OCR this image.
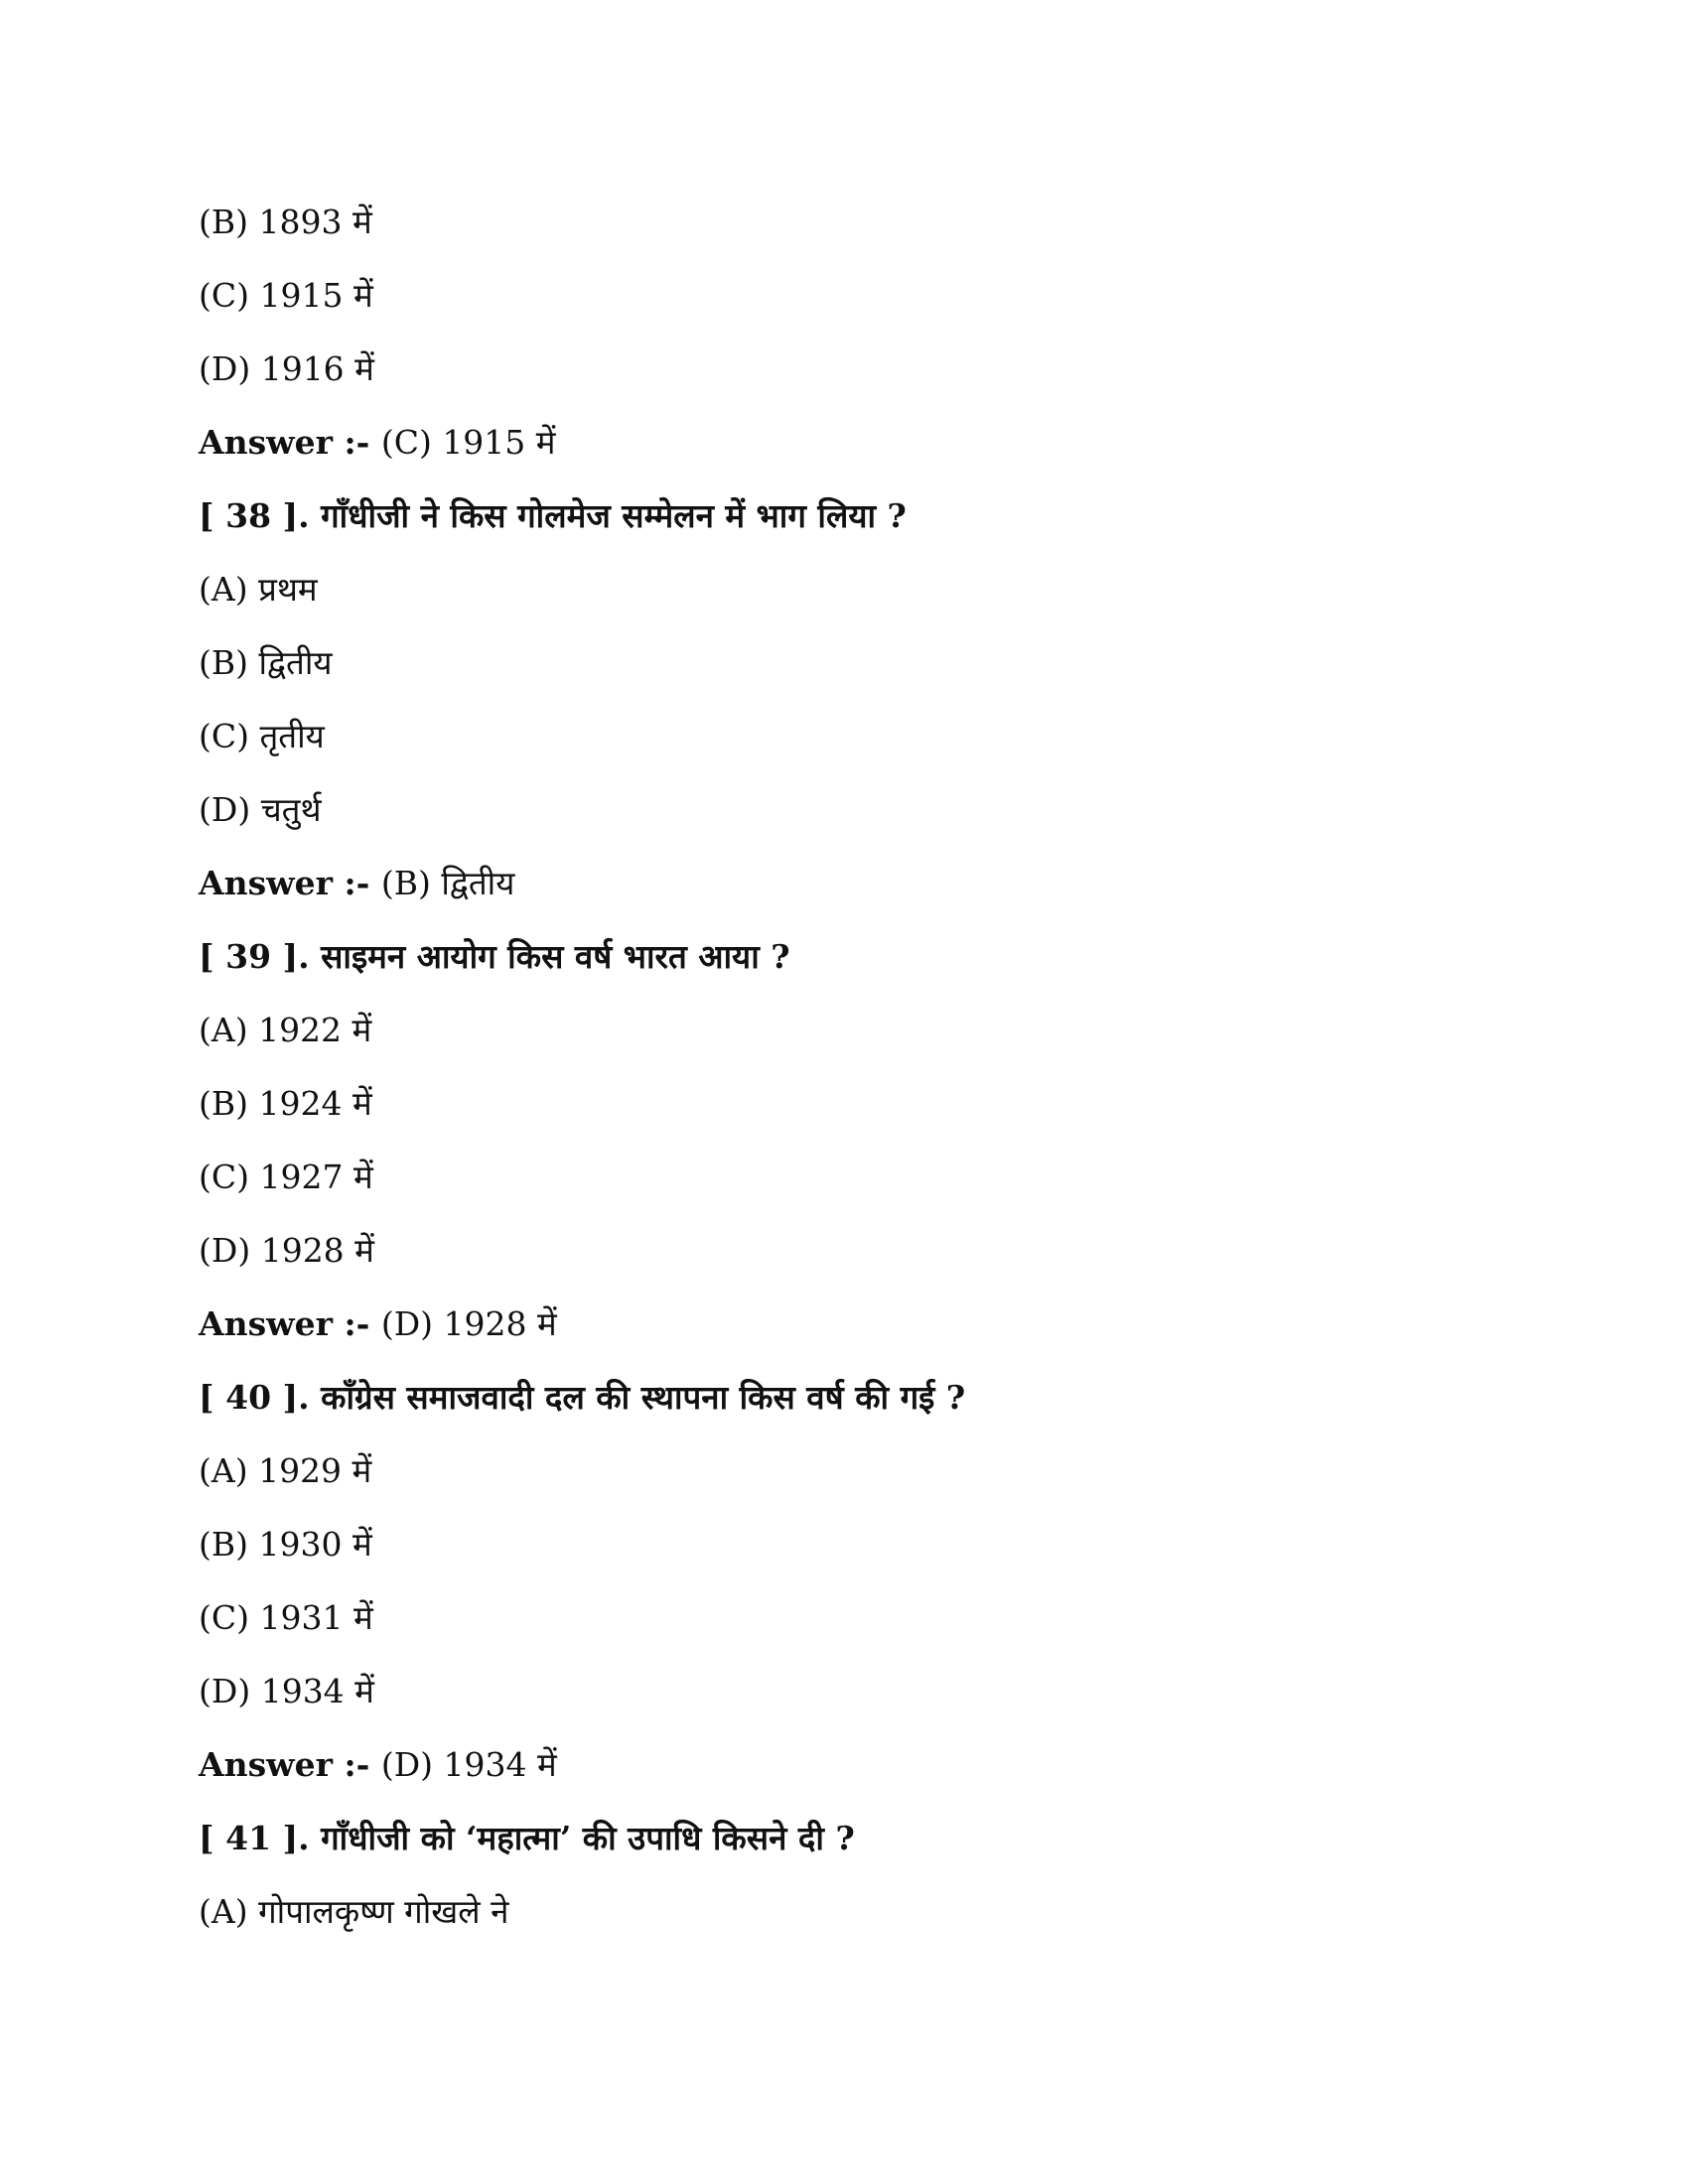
(B) 1893 में
(C) 1915 में
(D) 1916 में
Answer :- (C) 1915 में
[ 38 ]. गाँधीजी ने किस गोलमेज सम्मेलन में भाग लिया ?
(A) प्रथम
(B) द्वितीय
(C) तृतीय
(D) चतुर्थ
Answer :- (B) द्वितीय
[ 39 ]. साइमन आयोग किस वर्ष भारत आया ?
(A) 1922 में
(B) 1924 में
(C) 1927 में
(D) 1928 में
Answer :- (D) 1928 में
[ 40 ]. काँग्रेस समाजवादी दल की स्थापना किस वर्ष की गई ?
(A) 1929 में
(B) 1930 में
(C) 1931 में
(D) 1934 में
Answer :- (D) 1934 में
[ 41 ]. गाँधीजी को ‘महात्मा’ की उपाधि किसने दी ?
(A) गोपालकृष्ण गोखले ने
